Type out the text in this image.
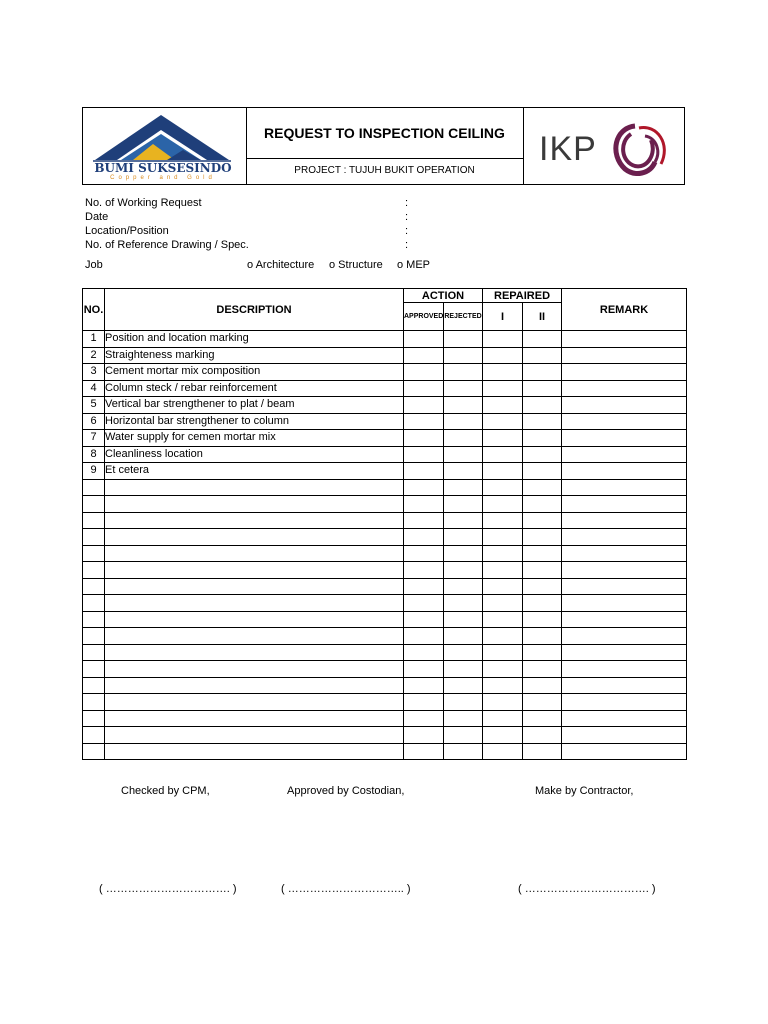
BUMI SUKSESINDO
Copper and Gold
REQUEST TO INSPECTION CEILING
PROJECT : TUJUH BUKIT OPERATION
IKP
No. of Working Request	:
Date	:
Location/Position	:
No. of Reference Drawing / Spec.	:
Job	o Architecture o Structure o MEP
NO.	DESCRIPTION	ACTION		REPAIRED		REMARK
		APPROVED	REJECTED	I	II	
1	Position and location marking					
2	Straighteness marking					
3	Cement mortar mix composition					
4	Column steck / rebar reinforcement					
5	Vertical bar strengthener to plat / beam					
6	Horizontal bar strengthener to column					
7	Water supply for cemen mortar mix					
8	Cleanliness location					
9	Et cetera					

Checked by CPM,	Approved by Costodian,	Make by Contractor,
( ……………………………. )	( ………………………….. )	( ……………………………. )
